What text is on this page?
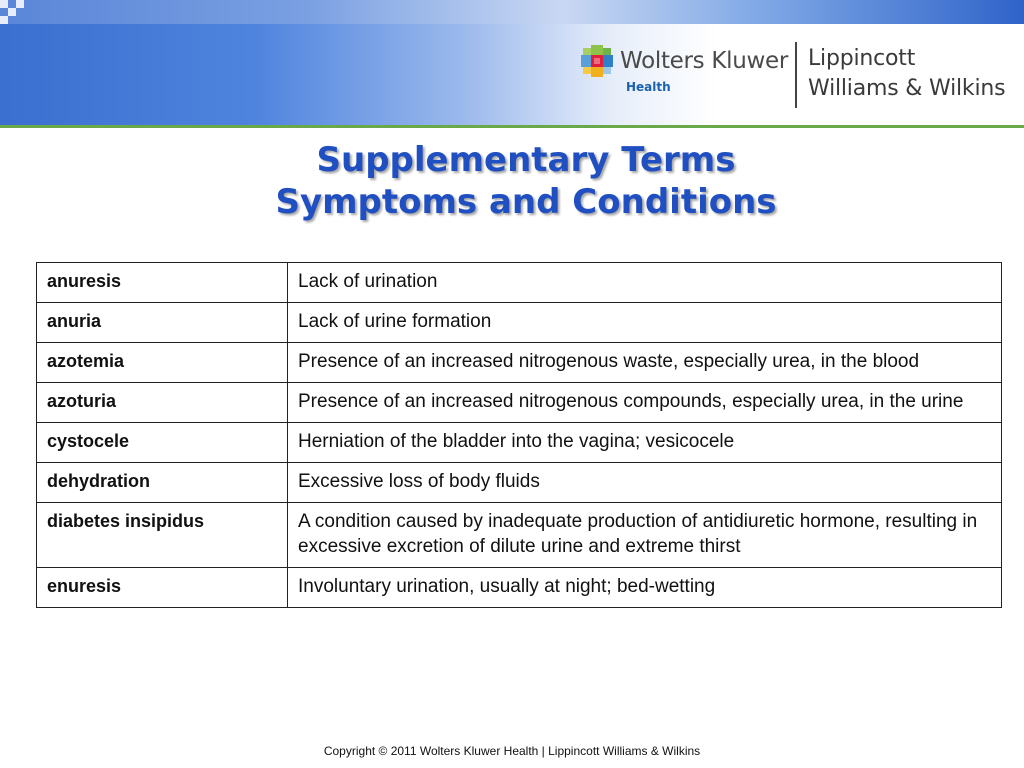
Wolters Kluwer
Health
Lippincott
Williams & Wilkins
Supplementary Terms
Symptoms and Conditions
anuresis	Lack of urination
anuria	Lack of urine formation
azotemia	Presence of an increased nitrogenous waste, especially urea, in the blood
azoturia	Presence of an increased nitrogenous compounds, especially urea, in the urine
cystocele	Herniation of the bladder into the vagina; vesicocele
dehydration	Excessive loss of body fluids
diabetes insipidus	A condition caused by inadequate production of antidiuretic hormone, resulting in excessive excretion of dilute urine and extreme thirst
enuresis	Involuntary urination, usually at night; bed-wetting
Copyright © 2011 Wolters Kluwer Health | Lippincott Williams & Wilkins
